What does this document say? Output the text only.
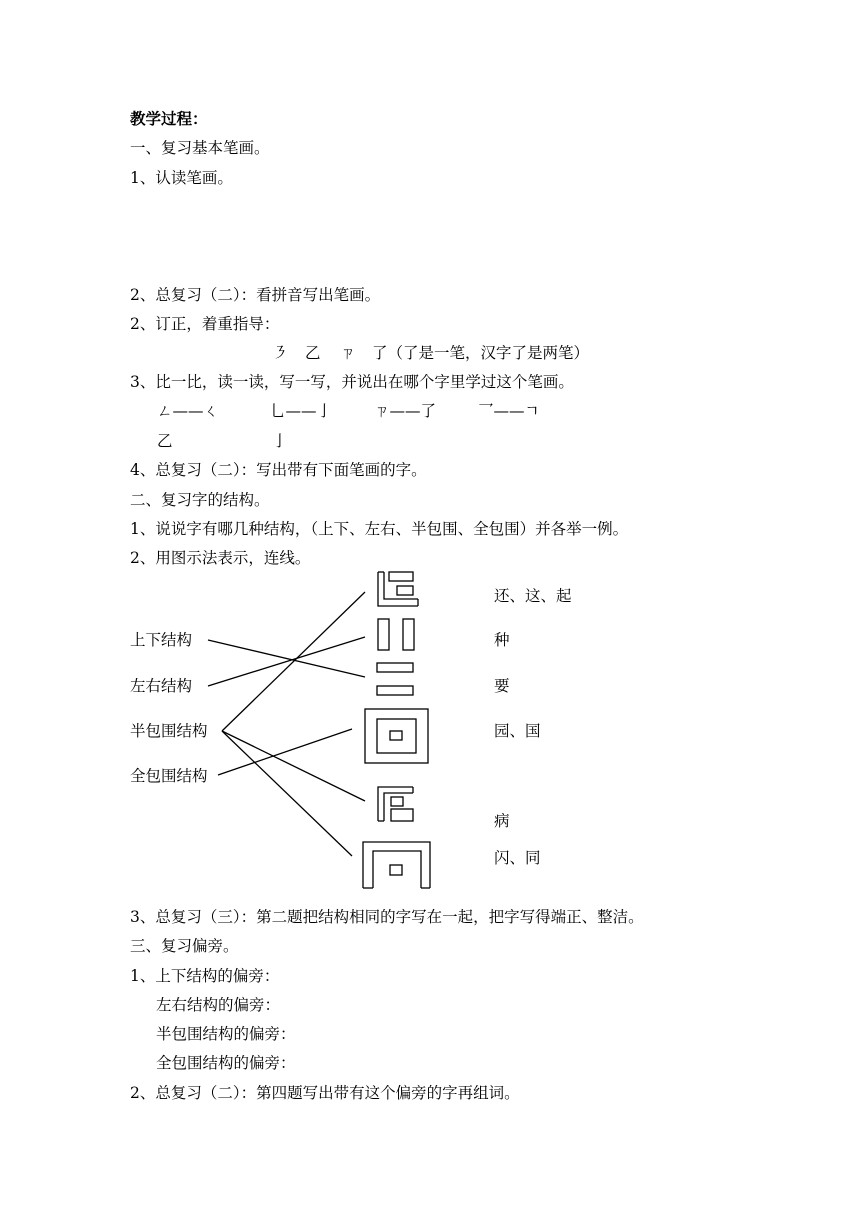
教学过程：
一、复习基本笔画。
1、认读笔画。
2、总复习（二）：看拼音写出笔画。
2、订正，着重指导：
㇋ 乙 ㄗ 了（了是一笔，汉字了是两笔）
3、比一比，读一读，写一写，并说出在哪个字里学过这个笔画。
ㄥ——ㄑ	乚——亅	ㄗ——了	乛——ㄱ
乙	亅
4、总复习（二）：写出带有下面笔画的字。
二、复习字的结构。
1、说说字有哪几种结构，（上下、左右、半包围、全包围）并各举一例。
2、用图示法表示，连线。
上下结构
左右结构
半包围结构
全包围结构
还、这、起
种
要
园、国
病
闪、同
3、总复习（三）：第二题把结构相同的字写在一起，把字写得端正、整洁。
三、复习偏旁。
1、上下结构的偏旁：
左右结构的偏旁：
半包围结构的偏旁：
全包围结构的偏旁：
2、总复习（二）：第四题写出带有这个偏旁的字再组词。
